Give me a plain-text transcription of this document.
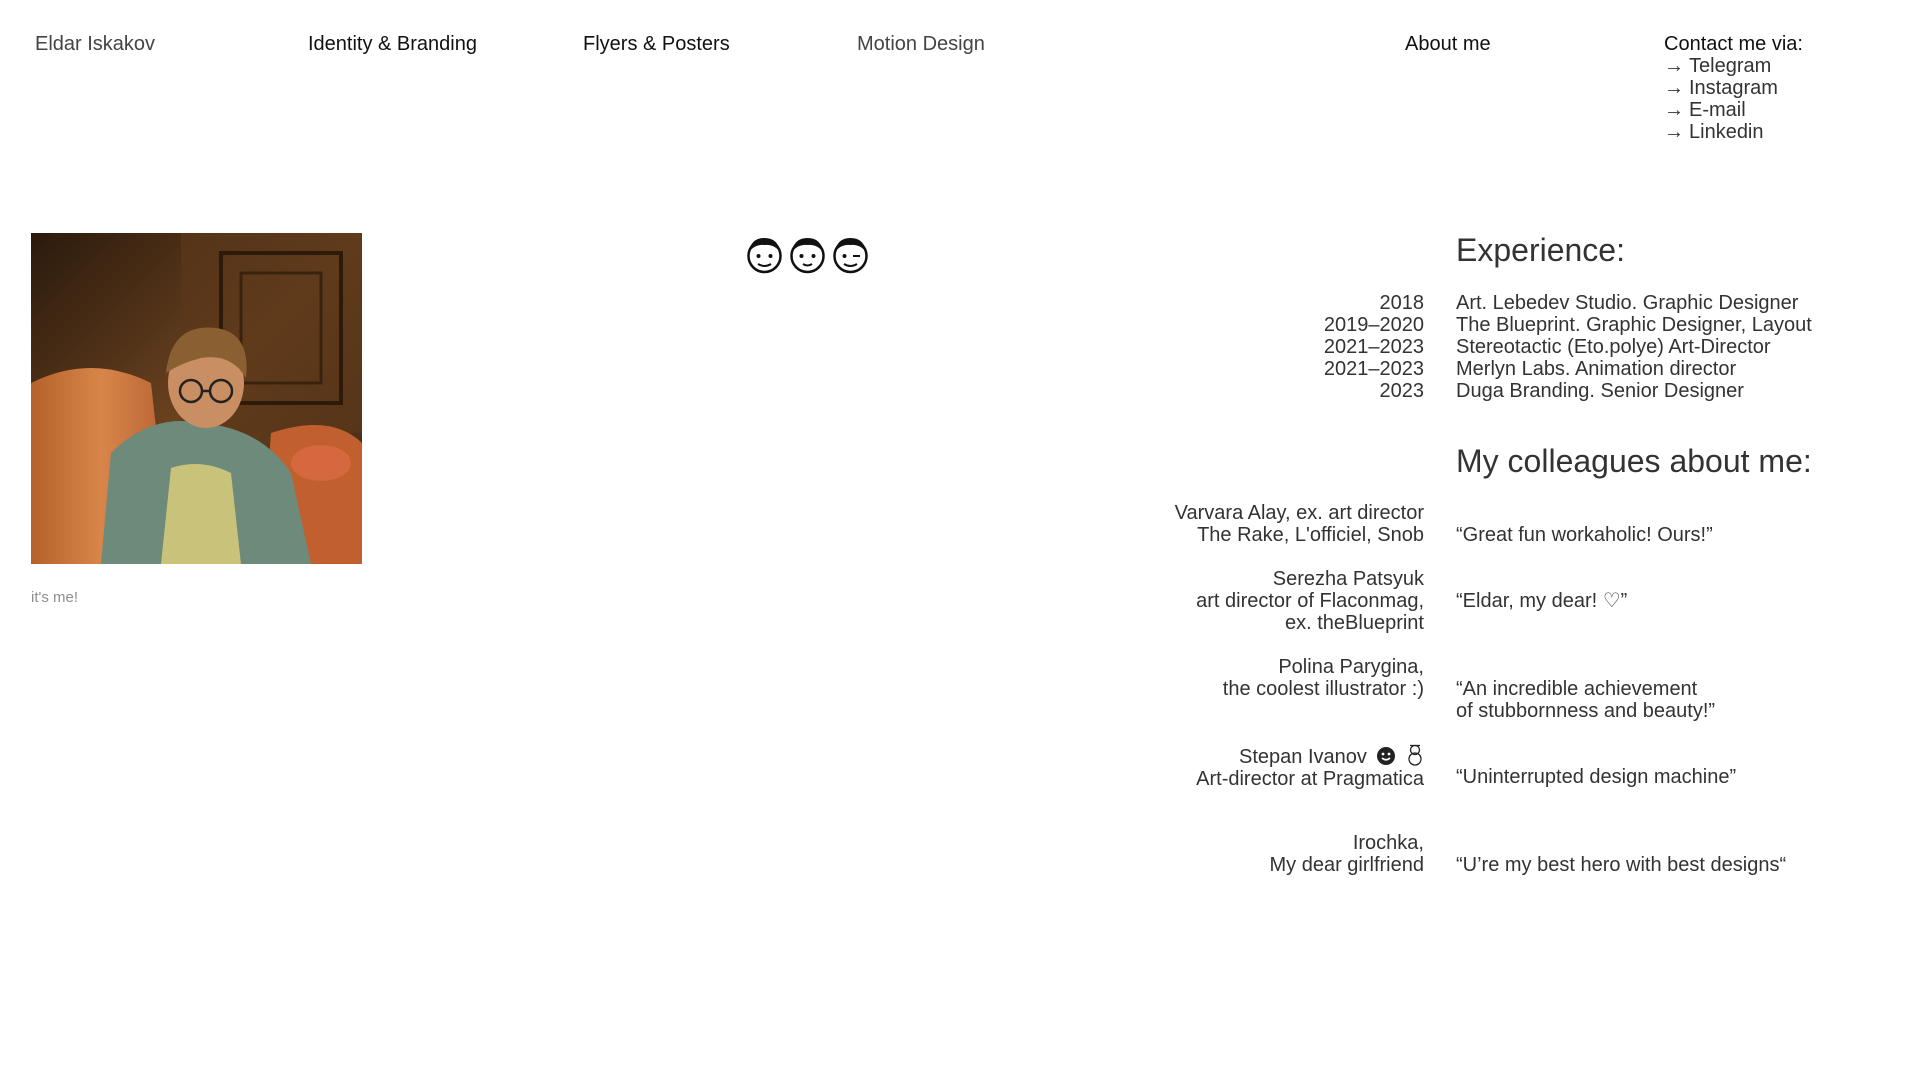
Eldar Iskakov	Identity & Branding	Flyers & Posters	Motion Design	About me	Contact me via:
→ Telegram
→ Instagram
→ E-mail
→ Linkedin
it's me!
Experience:
2018 Art. Lebedev Studio. Graphic Designer
2019–2020 The Blueprint. Graphic Designer, Layout
2021–2023 Stereotactic (Eto.polye) Art-Director
2021–2023 Merlyn Labs. Animation director
2023 Duga Branding. Senior Designer
My colleagues about me:
Varvara Alay, ex. art director
The Rake, L'officiel, Snob “Great fun workaholic! Ours!”
Serezha Patsyuk
art director of Flaconmag,
ex. theBlueprint
“Eldar, my dear! ♡”
Polina Parygina,
the coolest illustrator :) “An incredible achievement
of stubbornness and beauty!”
Stepan Ivanov
Art-director at Pragmatica “Uninterrupted design machine”
Irochka,
My dear girlfriend “U’re my best hero with best designs“
